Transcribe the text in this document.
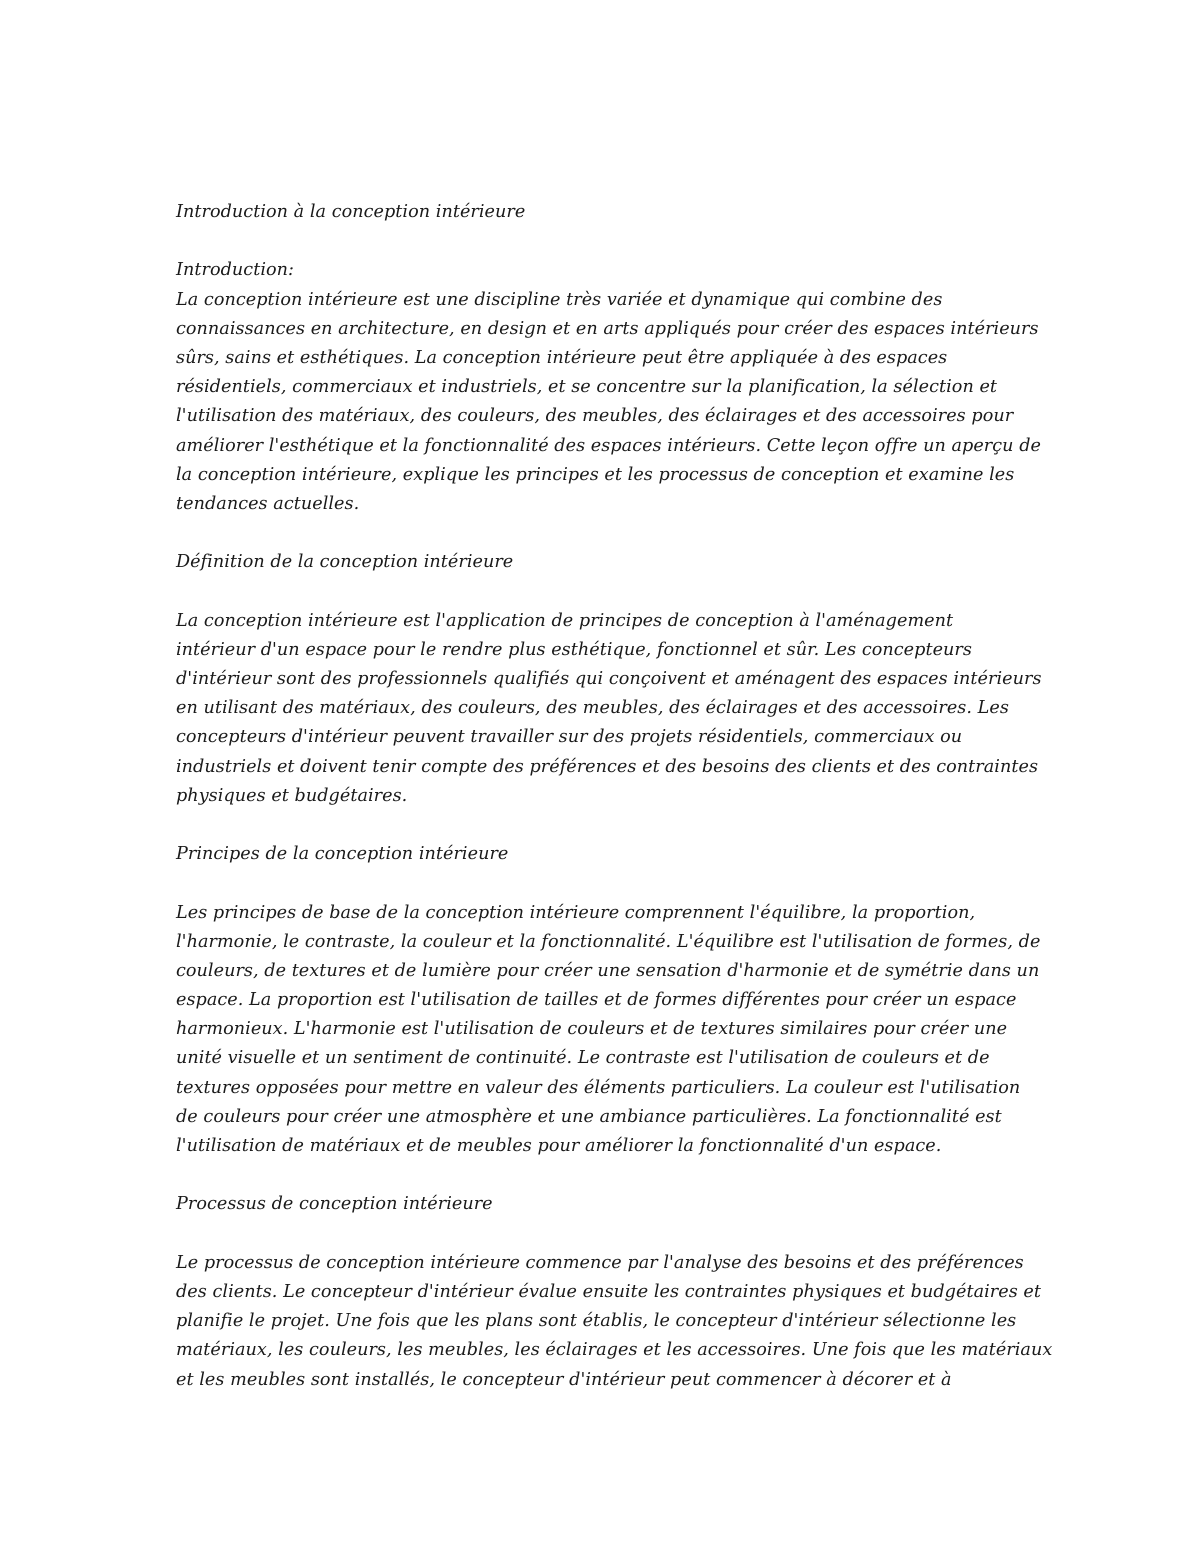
Introduction à la conception intérieure
Introduction:
La conception intérieure est une discipline très variée et dynamique qui combine des
connaissances en architecture, en design et en arts appliqués pour créer des espaces intérieurs
sûrs, sains et esthétiques. La conception intérieure peut être appliquée à des espaces
résidentiels, commerciaux et industriels, et se concentre sur la planification, la sélection et
l'utilisation des matériaux, des couleurs, des meubles, des éclairages et des accessoires pour
améliorer l'esthétique et la fonctionnalité des espaces intérieurs. Cette leçon offre un aperçu de
la conception intérieure, explique les principes et les processus de conception et examine les
tendances actuelles.
Définition de la conception intérieure
La conception intérieure est l'application de principes de conception à l'aménagement
intérieur d'un espace pour le rendre plus esthétique, fonctionnel et sûr. Les concepteurs
d'intérieur sont des professionnels qualifiés qui conçoivent et aménagent des espaces intérieurs
en utilisant des matériaux, des couleurs, des meubles, des éclairages et des accessoires. Les
concepteurs d'intérieur peuvent travailler sur des projets résidentiels, commerciaux ou
industriels et doivent tenir compte des préférences et des besoins des clients et des contraintes
physiques et budgétaires.
Principes de la conception intérieure
Les principes de base de la conception intérieure comprennent l'équilibre, la proportion,
l'harmonie, le contraste, la couleur et la fonctionnalité. L'équilibre est l'utilisation de formes, de
couleurs, de textures et de lumière pour créer une sensation d'harmonie et de symétrie dans un
espace. La proportion est l'utilisation de tailles et de formes différentes pour créer un espace
harmonieux. L'harmonie est l'utilisation de couleurs et de textures similaires pour créer une
unité visuelle et un sentiment de continuité. Le contraste est l'utilisation de couleurs et de
textures opposées pour mettre en valeur des éléments particuliers. La couleur est l'utilisation
de couleurs pour créer une atmosphère et une ambiance particulières. La fonctionnalité est
l'utilisation de matériaux et de meubles pour améliorer la fonctionnalité d'un espace.
Processus de conception intérieure
Le processus de conception intérieure commence par l'analyse des besoins et des préférences
des clients. Le concepteur d'intérieur évalue ensuite les contraintes physiques et budgétaires et
planifie le projet. Une fois que les plans sont établis, le concepteur d'intérieur sélectionne les
matériaux, les couleurs, les meubles, les éclairages et les accessoires. Une fois que les matériaux
et les meubles sont installés, le concepteur d'intérieur peut commencer à décorer et à
